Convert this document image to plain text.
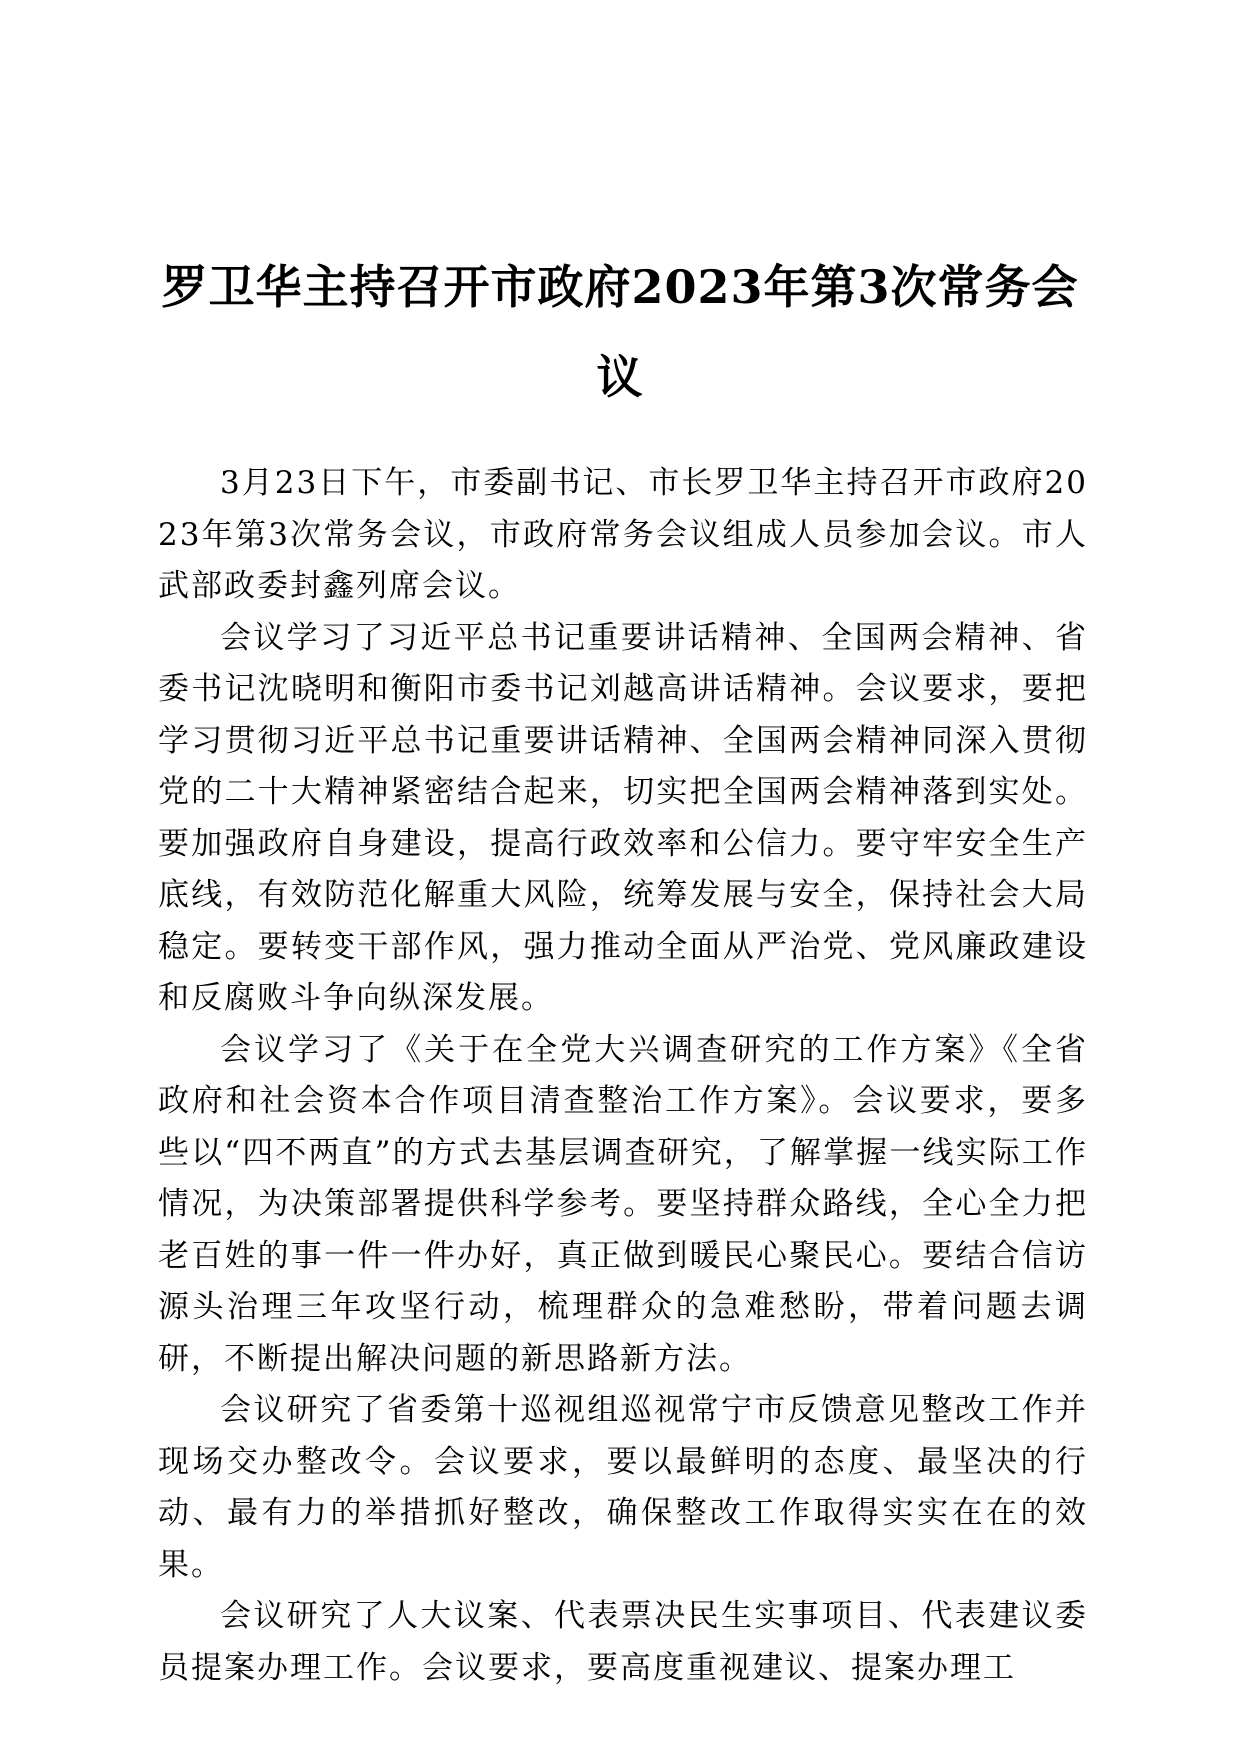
罗卫华主持召开市政府2023年第3次常务会
议

3月23日下午，市委副书记、市长罗卫华主持召开市政府2023年第3次常务会议，市政府常务会议组成人员参加会议。市人武部政委封鑫列席会议。

会议学习了习近平总书记重要讲话精神、全国两会精神、省委书记沈晓明和衡阳市委书记刘越高讲话精神。会议要求，要把学习贯彻习近平总书记重要讲话精神、全国两会精神同深入贯彻党的二十大精神紧密结合起来，切实把全国两会精神落到实处。要加强政府自身建设，提高行政效率和公信力。要守牢安全生产底线，有效防范化解重大风险，统筹发展与安全，保持社会大局稳定。要转变干部作风，强力推动全面从严治党、党风廉政建设和反腐败斗争向纵深发展。

会议学习了《关于在全党大兴调查研究的工作方案》《全省政府和社会资本合作项目清查整治工作方案》。会议要求，要多些以“四不两直”的方式去基层调查研究，了解掌握一线实际工作情况，为决策部署提供科学参考。要坚持群众路线，全心全力把老百姓的事一件一件办好，真正做到暖民心聚民心。要结合信访源头治理三年攻坚行动，梳理群众的急难愁盼，带着问题去调研，不断提出解决问题的新思路新方法。

会议研究了省委第十巡视组巡视常宁市反馈意见整改工作并现场交办整改令。会议要求，要以最鲜明的态度、最坚决的行动、最有力的举措抓好整改，确保整改工作取得实实在在的效果。

会议研究了人大议案、代表票决民生实事项目、代表建议委员提案办理工作。会议要求，要高度重视建议、提案办理工
